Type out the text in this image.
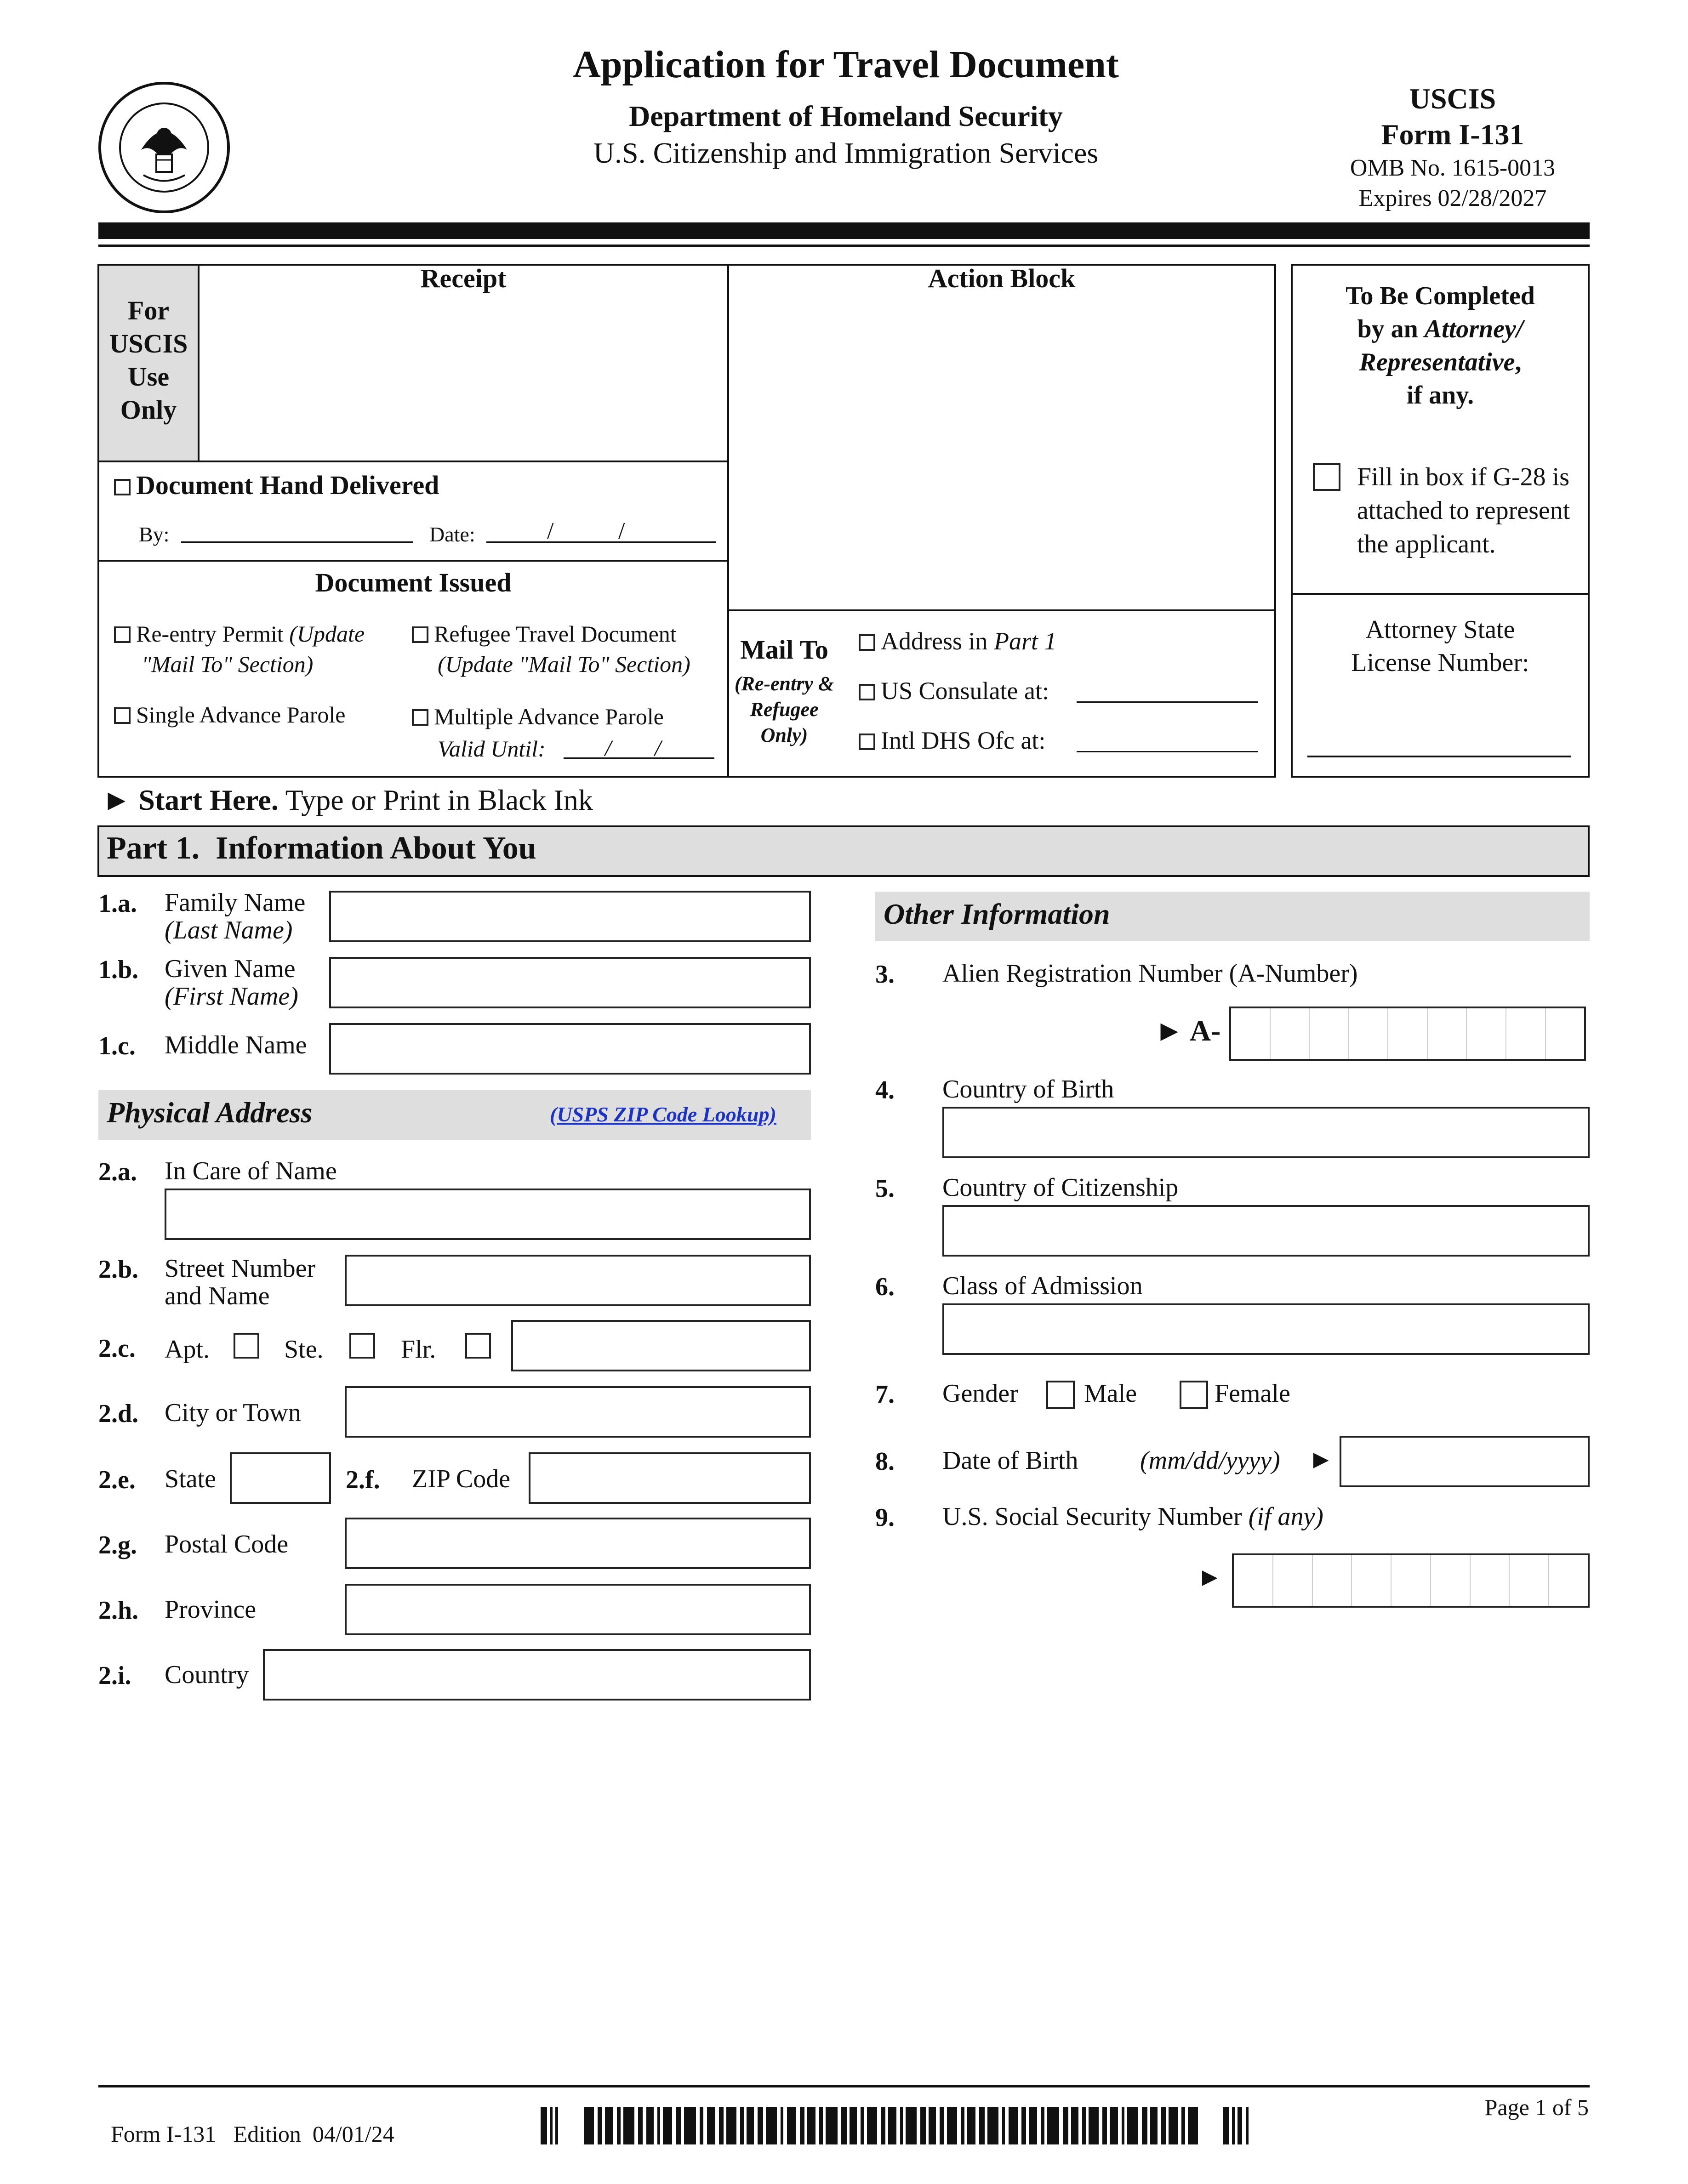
Application for Travel Document
Department of Homeland Security
U.S. Citizenship and Immigration Services
USCIS
Form I-131
OMB No. 1615-0013
Expires 02/28/2027
For
USCIS
Use
Only
Receipt	Action Block
Document Hand Delivered
By:	Date:	/	/
Document Issued
Re-entry Permit (Update
"Mail To" Section)
Refugee Travel Document
(Update "Mail To" Section)
Single Advance Parole	Multiple Advance Parole
Valid Until:	/ /
Mail To
(Re-entry & Refugee Only)
Address in Part 1
US Consulate at:
Intl DHS Ofc at:
To Be Completed
by an Attorney/
Representative,
if any.
Fill in box if G-28 is
attached to represent
the applicant.
Attorney State
License Number:
► Start Here. Type or Print in Black Ink
Part 1.  Information About You
1.a. Family Name
(Last Name)
1.b. Given Name
(First Name)
1.c. Middle Name
Physical Address	(USPS ZIP Code Lookup)
2.a. In Care of Name
2.b. Street Number
and Name
2.c. Apt.	Ste.	Flr.
2.d. City or Town
2.e. State	2.f. ZIP Code
2.g. Postal Code
2.h. Province
2.i. Country
Other Information
3. Alien Registration Number (A-Number)
► A-
4. Country of Birth
5. Country of Citizenship
6. Class of Admission
7. Gender	Male	Female
8. Date of Birth (mm/dd/yyyy) ►
9. U.S. Social Security Number (if any)
►

Form I-131 Edition  04/01/24

Page 1 of 5
